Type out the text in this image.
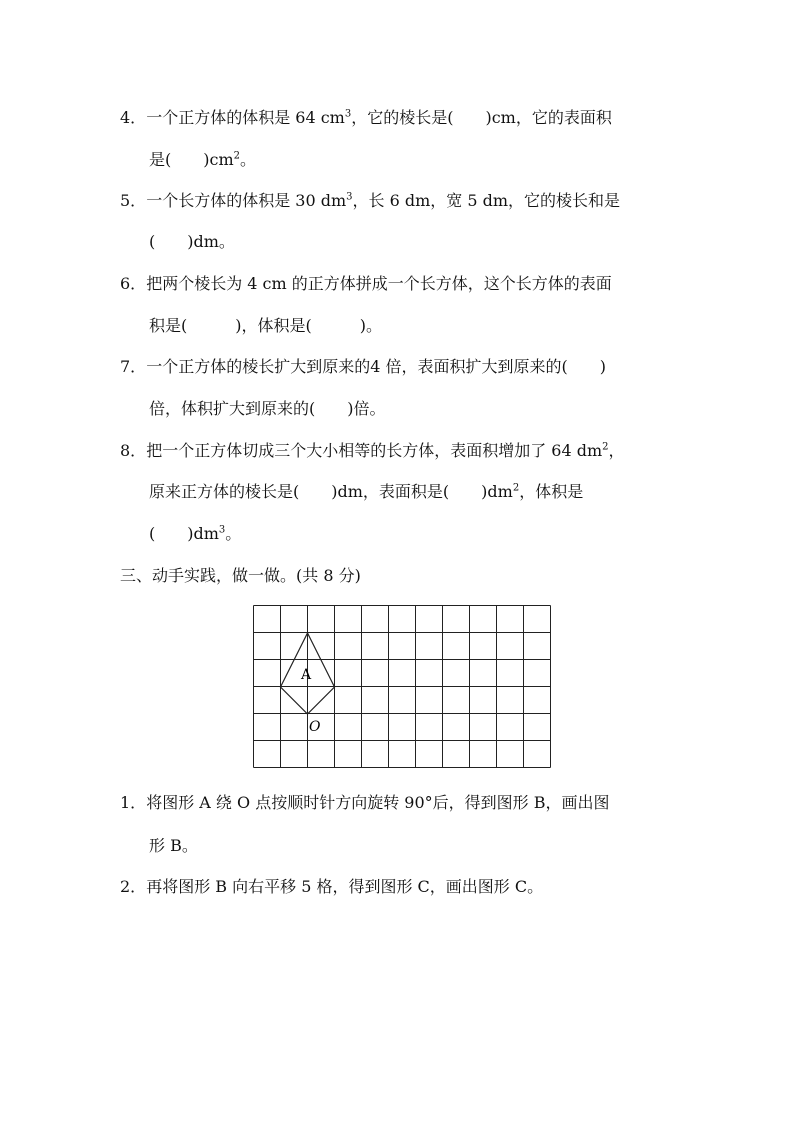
4．一个正方体的体积是 64 $cm^3$，它的棱长是(　　)cm，它的表面积
是(　　)$cm^2$。
5．一个长方体的体积是 30 $dm^3$，长 6 dm，宽 5 dm，它的棱长和是
(　　)dm。
6．把两个棱长为 4 cm 的正方体拼成一个长方体，这个长方体的表面
积是(　　　)，体积是(　　　)。
7．一个正方体的棱长扩大到原来的4 倍，表面积扩大到原来的(　　)
倍，体积扩大到原来的(　　)倍。
8．把一个正方体切成三个大小相等的长方体，表面积增加了 64 $dm^2$，
原来正方体的棱长是(　　)dm，表面积是(　　)$dm^2$，体积是
(　　)$dm^3$。
三、动手实践，做一做。(共 8 分)
A
O
1．将图形 A 绕 O 点按顺时针方向旋转 90°后，得到图形 B，画出图
形 B。
2．再将图形 B 向右平移 5 格，得到图形 C，画出图形 C。
